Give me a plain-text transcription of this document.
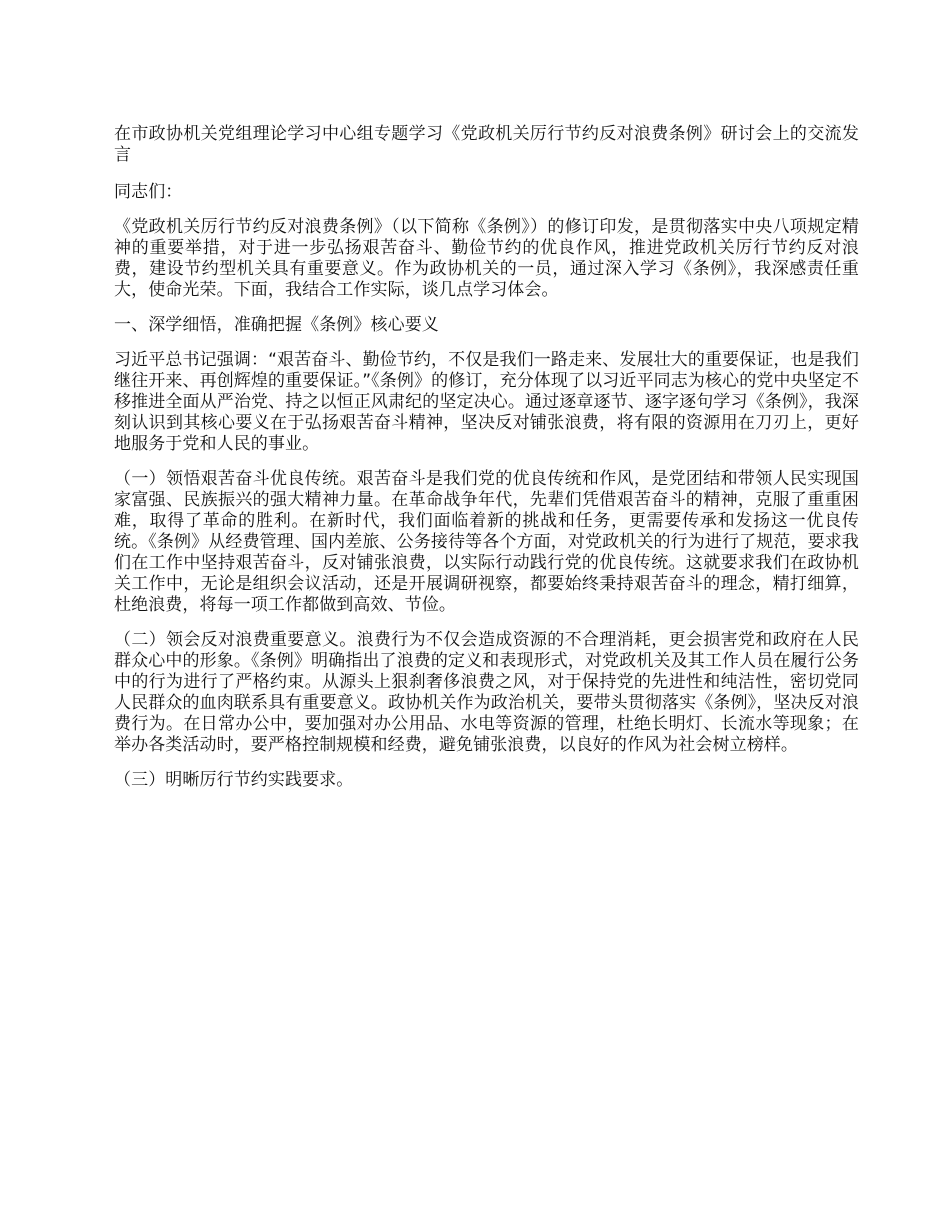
在市政协机关党组理论学习中心组专题学习《党政机关厉行节约反对浪费条例》研讨会上的交流发言

同志们：

《党政机关厉行节约反对浪费条例》（以下简称《条例》）的修订印发，是贯彻落实中央八项规定精神的重要举措，对于进一步弘扬艰苦奋斗、勤俭节约的优良作风，推进党政机关厉行节约反对浪费，建设节约型机关具有重要意义。作为政协机关的一员，通过深入学习《条例》，我深感责任重大，使命光荣。下面，我结合工作实际，谈几点学习体会。

一、深学细悟，准确把握《条例》核心要义

习近平总书记强调：“艰苦奋斗、勤俭节约，不仅是我们一路走来、发展壮大的重要保证，也是我们继往开来、再创辉煌的重要保证。”《条例》的修订，充分体现了以习近平同志为核心的党中央坚定不移推进全面从严治党、持之以恒正风肃纪的坚定决心。通过逐章逐节、逐字逐句学习《条例》，我深刻认识到其核心要义在于弘扬艰苦奋斗精神，坚决反对铺张浪费，将有限的资源用在刀刃上，更好地服务于党和人民的事业。

（一）领悟艰苦奋斗优良传统。艰苦奋斗是我们党的优良传统和作风，是党团结和带领人民实现国家富强、民族振兴的强大精神力量。在革命战争年代，先辈们凭借艰苦奋斗的精神，克服了重重困难，取得了革命的胜利。在新时代，我们面临着新的挑战和任务，更需要传承和发扬这一优良传统。《条例》从经费管理、国内差旅、公务接待等各个方面，对党政机关的行为进行了规范，要求我们在工作中坚持艰苦奋斗，反对铺张浪费，以实际行动践行党的优良传统。这就要求我们在政协机关工作中，无论是组织会议活动，还是开展调研视察，都要始终秉持艰苦奋斗的理念，精打细算，杜绝浪费，将每一项工作都做到高效、节俭。

（二）领会反对浪费重要意义。浪费行为不仅会造成资源的不合理消耗，更会损害党和政府在人民群众心中的形象。《条例》明确指出了浪费的定义和表现形式，对党政机关及其工作人员在履行公务中的行为进行了严格约束。从源头上狠刹奢侈浪费之风，对于保持党的先进性和纯洁性，密切党同人民群众的血肉联系具有重要意义。政协机关作为政治机关，要带头贯彻落实《条例》，坚决反对浪费行为。在日常办公中，要加强对办公用品、水电等资源的管理，杜绝长明灯、长流水等现象；在举办各类活动时，要严格控制规模和经费，避免铺张浪费，以良好的作风为社会树立榜样。

（三）明晰厉行节约实践要求。
